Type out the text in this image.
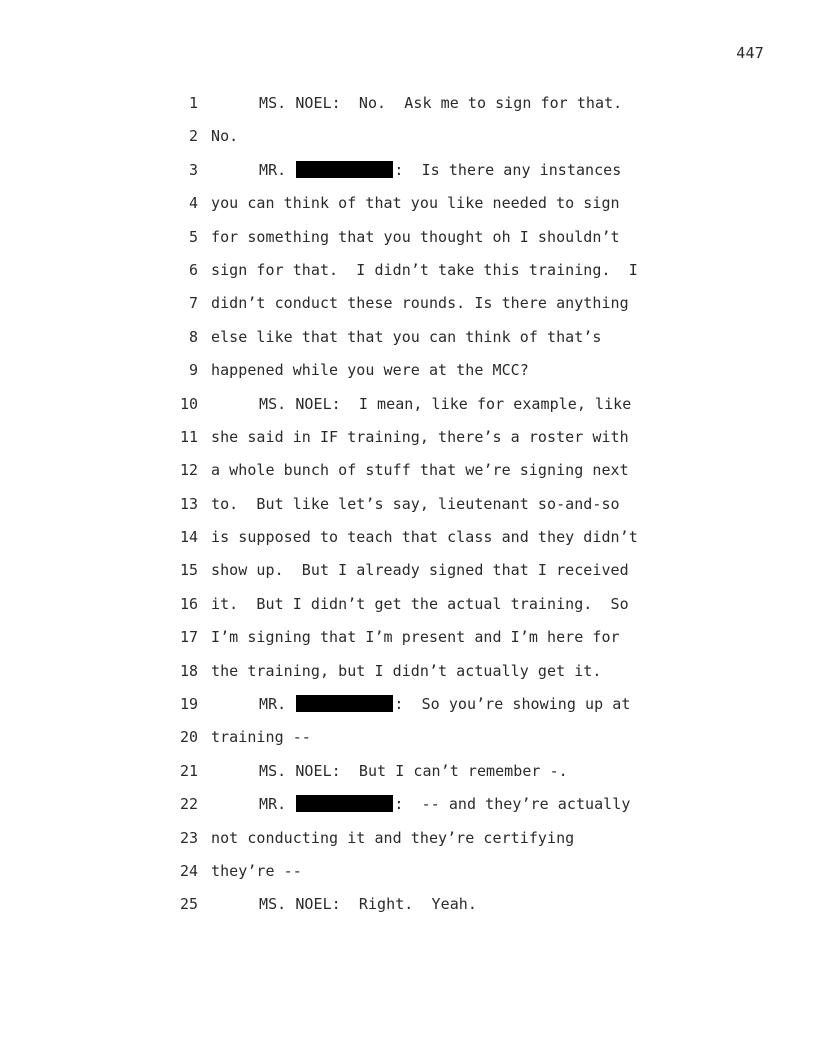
447
1	MS. NOEL:  No.  Ask me to sign for that.
2 No.
3	MR.	:  Is there any instances
4 you can think of that you like needed to sign
5 for something that you thought oh I shouldn’t
6 sign for that.  I didn’t take this training.  I
7 didn’t conduct these rounds. Is there anything
8 else like that that you can think of that’s
9 happened while you were at the MCC?
10	MS. NOEL:  I mean, like for example, like
11 she said in IF training, there’s a roster with
12 a whole bunch of stuff that we’re signing next
13 to.  But like let’s say, lieutenant so-and-so
14 is supposed to teach that class and they didn’t
15 show up.  But I already signed that I received
16 it.  But I didn’t get the actual training.  So
17 I’m signing that I’m present and I’m here for
18 the training, but I didn’t actually get it.
19	MR.	:  So you’re showing up at
20 training --
21	MS. NOEL:  But I can’t remember -.
22	MR.	:  -- and they’re actually
23 not conducting it and they’re certifying
24 they’re --
25	MS. NOEL:  Right.  Yeah.
